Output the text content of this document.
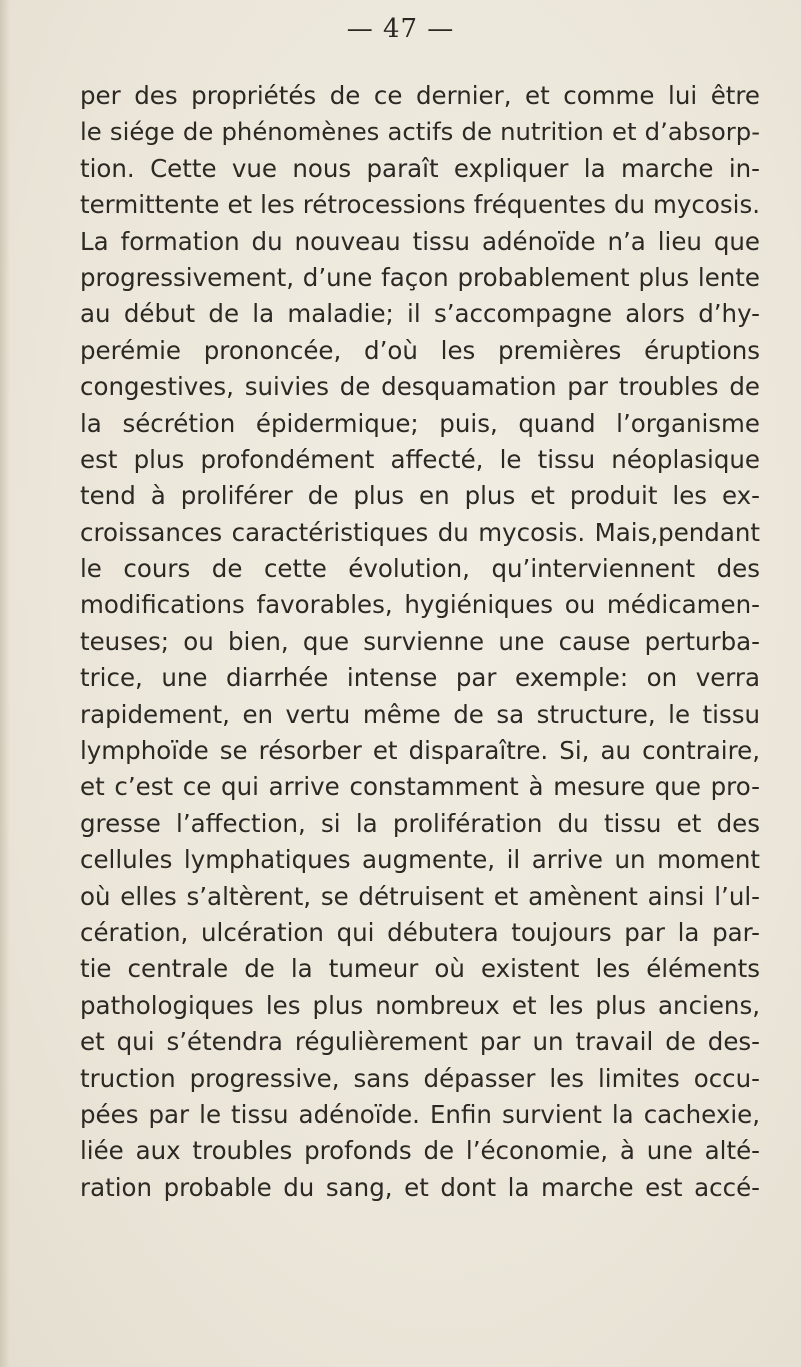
— 47 —
per des propriétés de ce dernier, et comme lui être
le siége de phénomènes actifs de nutrition et d’absorp-
tion. Cette vue nous paraît expliquer la marche in-
termittente et les rétrocessions fréquentes du mycosis.
La formation du nouveau tissu adénoïde n’a lieu que
progressivement, d’une façon probablement plus lente
au début de la maladie; il s’accompagne alors d’hy-
perémie prononcée, d’où les premières éruptions
congestives, suivies de desquamation par troubles de
la sécrétion épidermique; puis, quand l’organisme
est plus profondément affecté, le tissu néoplasique
tend à proliférer de plus en plus et produit les ex-
croissances caractéristiques du mycosis. Mais,pendant
le cours de cette évolution, qu’interviennent des
modifications favorables, hygiéniques ou médicamen-
teuses; ou bien, que survienne une cause perturba-
trice, une diarrhée intense par exemple: on verra
rapidement, en vertu même de sa structure, le tissu
lymphoïde se résorber et disparaître. Si, au contraire,
et c’est ce qui arrive constamment à mesure que pro-
gresse l’affection, si la prolifération du tissu et des
cellules lymphatiques augmente, il arrive un moment
où elles s’altèrent, se détruisent et amènent ainsi l’ul-
cération, ulcération qui débutera toujours par la par-
tie centrale de la tumeur où existent les éléments
pathologiques les plus nombreux et les plus anciens,
et qui s’étendra régulièrement par un travail de des-
truction progressive, sans dépasser les limites occu-
pées par le tissu adénoïde. Enfin survient la cachexie,
liée aux troubles profonds de l’économie, à une alté-
ration probable du sang, et dont la marche est accé-
